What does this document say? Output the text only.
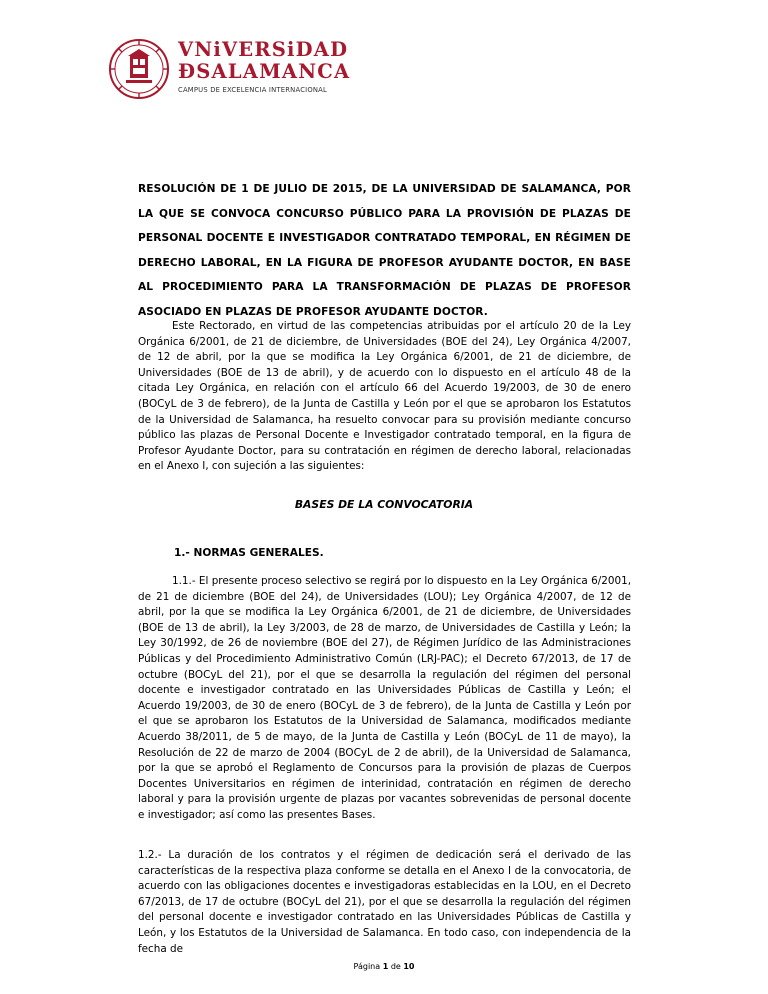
VNiVERSiDAD
ÐSALAMANCA
CAMPUS DE EXCELENCIA INTERNACIONAL
RESOLUCIÓN DE 1 DE JULIO DE 2015, DE LA UNIVERSIDAD DE SALAMANCA, POR LA QUE SE CONVOCA CONCURSO PÚBLICO PARA LA PROVISIÓN DE PLAZAS DE PERSONAL DOCENTE E INVESTIGADOR CONTRATADO TEMPORAL, EN RÉGIMEN DE DERECHO LABORAL, EN LA FIGURA DE PROFESOR AYUDANTE DOCTOR, EN BASE AL PROCEDIMIENTO PARA LA TRANSFORMACIÓN DE PLAZAS DE PROFESOR ASOCIADO EN PLAZAS DE PROFESOR AYUDANTE DOCTOR.
Este Rectorado, en virtud de las competencias atribuidas por el artículo 20 de la Ley Orgánica 6/2001, de 21 de diciembre, de Universidades (BOE del 24), Ley Orgánica 4/2007, de 12 de abril, por la que se modifica la Ley Orgánica 6/2001, de 21 de diciembre, de Universidades (BOE de 13 de abril), y de acuerdo con lo dispuesto en el artículo 48 de la citada Ley Orgánica, en relación con el artículo 66 del Acuerdo 19/2003, de 30 de enero (BOCyL de 3 de febrero), de la Junta de Castilla y León por el que se aprobaron los Estatutos de la Universidad de Salamanca, ha resuelto convocar para su provisión mediante concurso público las plazas de Personal Docente e Investigador contratado temporal, en la figura de Profesor Ayudante Doctor, para su contratación en régimen de derecho laboral, relacionadas en el Anexo I, con sujeción a las siguientes:
BASES DE LA CONVOCATORIA
1.- NORMAS GENERALES.
1.1.- El presente proceso selectivo se regirá por lo dispuesto en la Ley Orgánica 6/2001, de 21 de diciembre (BOE del 24), de Universidades (LOU); Ley Orgánica 4/2007, de 12 de abril, por la que se modifica la Ley Orgánica 6/2001, de 21 de diciembre, de Universidades (BOE de 13 de abril), la Ley 3/2003, de 28 de marzo, de Universidades de Castilla y León; la Ley 30/1992, de 26 de noviembre (BOE del 27), de Régimen Jurídico de las Administraciones Públicas y del Procedimiento Administrativo Común (LRJ-PAC); el Decreto 67/2013, de 17 de octubre (BOCyL del 21), por el que se desarrolla la regulación del régimen del personal docente e investigador contratado en las Universidades Públicas de Castilla y León; el Acuerdo 19/2003, de 30 de enero (BOCyL de 3 de febrero), de la Junta de Castilla y León por el que se aprobaron los Estatutos de la Universidad de Salamanca, modificados mediante Acuerdo 38/2011, de 5 de mayo, de la Junta de Castilla y León (BOCyL de 11 de mayo), la Resolución de 22 de marzo de 2004 (BOCyL de 2 de abril), de la Universidad de Salamanca, por la que se aprobó el Reglamento de Concursos para la provisión de plazas de Cuerpos Docentes Universitarios en régimen de interinidad, contratación en régimen de derecho laboral y para la provisión urgente de plazas por vacantes sobrevenidas de personal docente e investigador; así como las presentes Bases.
1.2.- La duración de los contratos y el régimen de dedicación será el derivado de las características de la respectiva plaza conforme se detalla en el Anexo I de la convocatoria, de acuerdo con las obligaciones docentes e investigadoras establecidas en la LOU, en el Decreto 67/2013, de 17 de octubre (BOCyL del 21), por el que se desarrolla la regulación del régimen del personal docente e investigador contratado en las Universidades Públicas de Castilla y León, y los Estatutos de la Universidad de Salamanca. En todo caso, con independencia de la fecha de
Página 1 de 10
